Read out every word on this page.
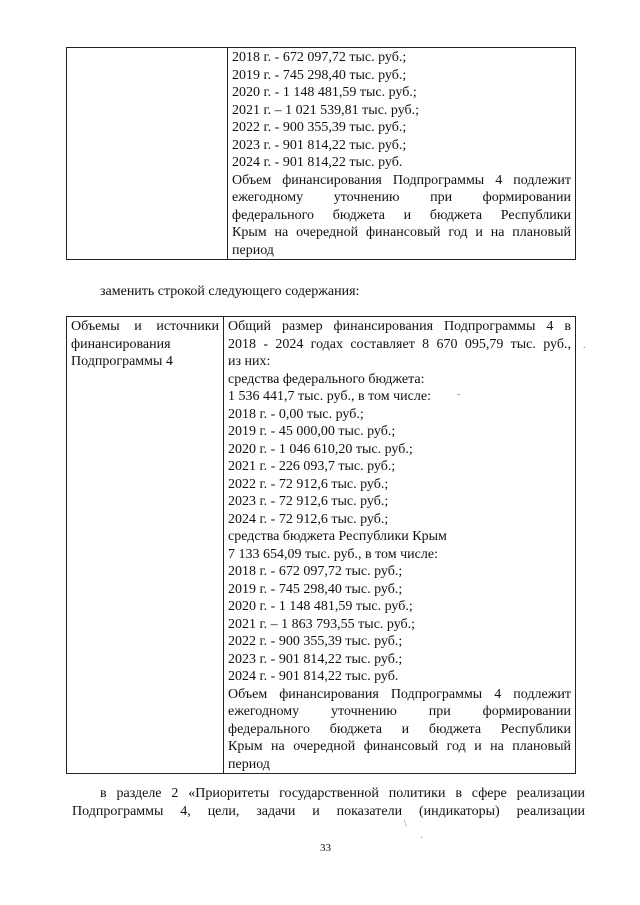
2018 г. - 672 097,72 тыс. руб.;
2019 г. - 745 298,40 тыс. руб.;
2020 г. - 1 148 481,59 тыс. руб.;
2021 г. – 1 021 539,81 тыс. руб.;
2022 г. - 900 355,39 тыс. руб.;
2023 г. - 901 814,22 тыс. руб.;
2024 г. - 901 814,22 тыс. руб.
Объем финансирования Подпрограммы 4 подлежит
ежегодному уточнению при формировании
федерального бюджета и бюджета Республики
Крым на очередной финансовый год и на плановый
период
заменить строкой следующего содержания:
Объемы и источники
финансирования
Подпрограммы 4

Общий размер финансирования Подпрограммы 4 в
2018 - 2024 годах составляет 8 670 095,79 тыс. руб.,
из них:
средства федерального бюджета:
1 536 441,7 тыс. руб., в том числе:
2018 г. - 0,00 тыс. руб.;
2019 г. - 45 000,00 тыс. руб.;
2020 г. - 1 046 610,20 тыс. руб.;
2021 г. - 226 093,7 тыс. руб.;
2022 г. - 72 912,6 тыс. руб.;
2023 г. - 72 912,6 тыс. руб.;
2024 г. - 72 912,6 тыс. руб.;
средства бюджета Республики Крым
7 133 654,09 тыс. руб., в том числе:
2018 г. - 672 097,72 тыс. руб.;
2019 г. - 745 298,40 тыс. руб.;
2020 г. - 1 148 481,59 тыс. руб.;
2021 г. – 1 863 793,55 тыс. руб.;
2022 г. - 900 355,39 тыс. руб.;
2023 г. - 901 814,22 тыс. руб.;
2024 г. - 901 814,22 тыс. руб.
Объем финансирования Подпрограммы 4 подлежит
ежегодному уточнению при формировании
федерального бюджета и бюджета Республики
Крым на очередной финансовый год и на плановый
период
в разделе 2 «Приоритеты государственной политики в сфере реализации
Подпрограммы 4, цели, задачи и показатели (индикаторы) реализации
33
.
-
\
·
